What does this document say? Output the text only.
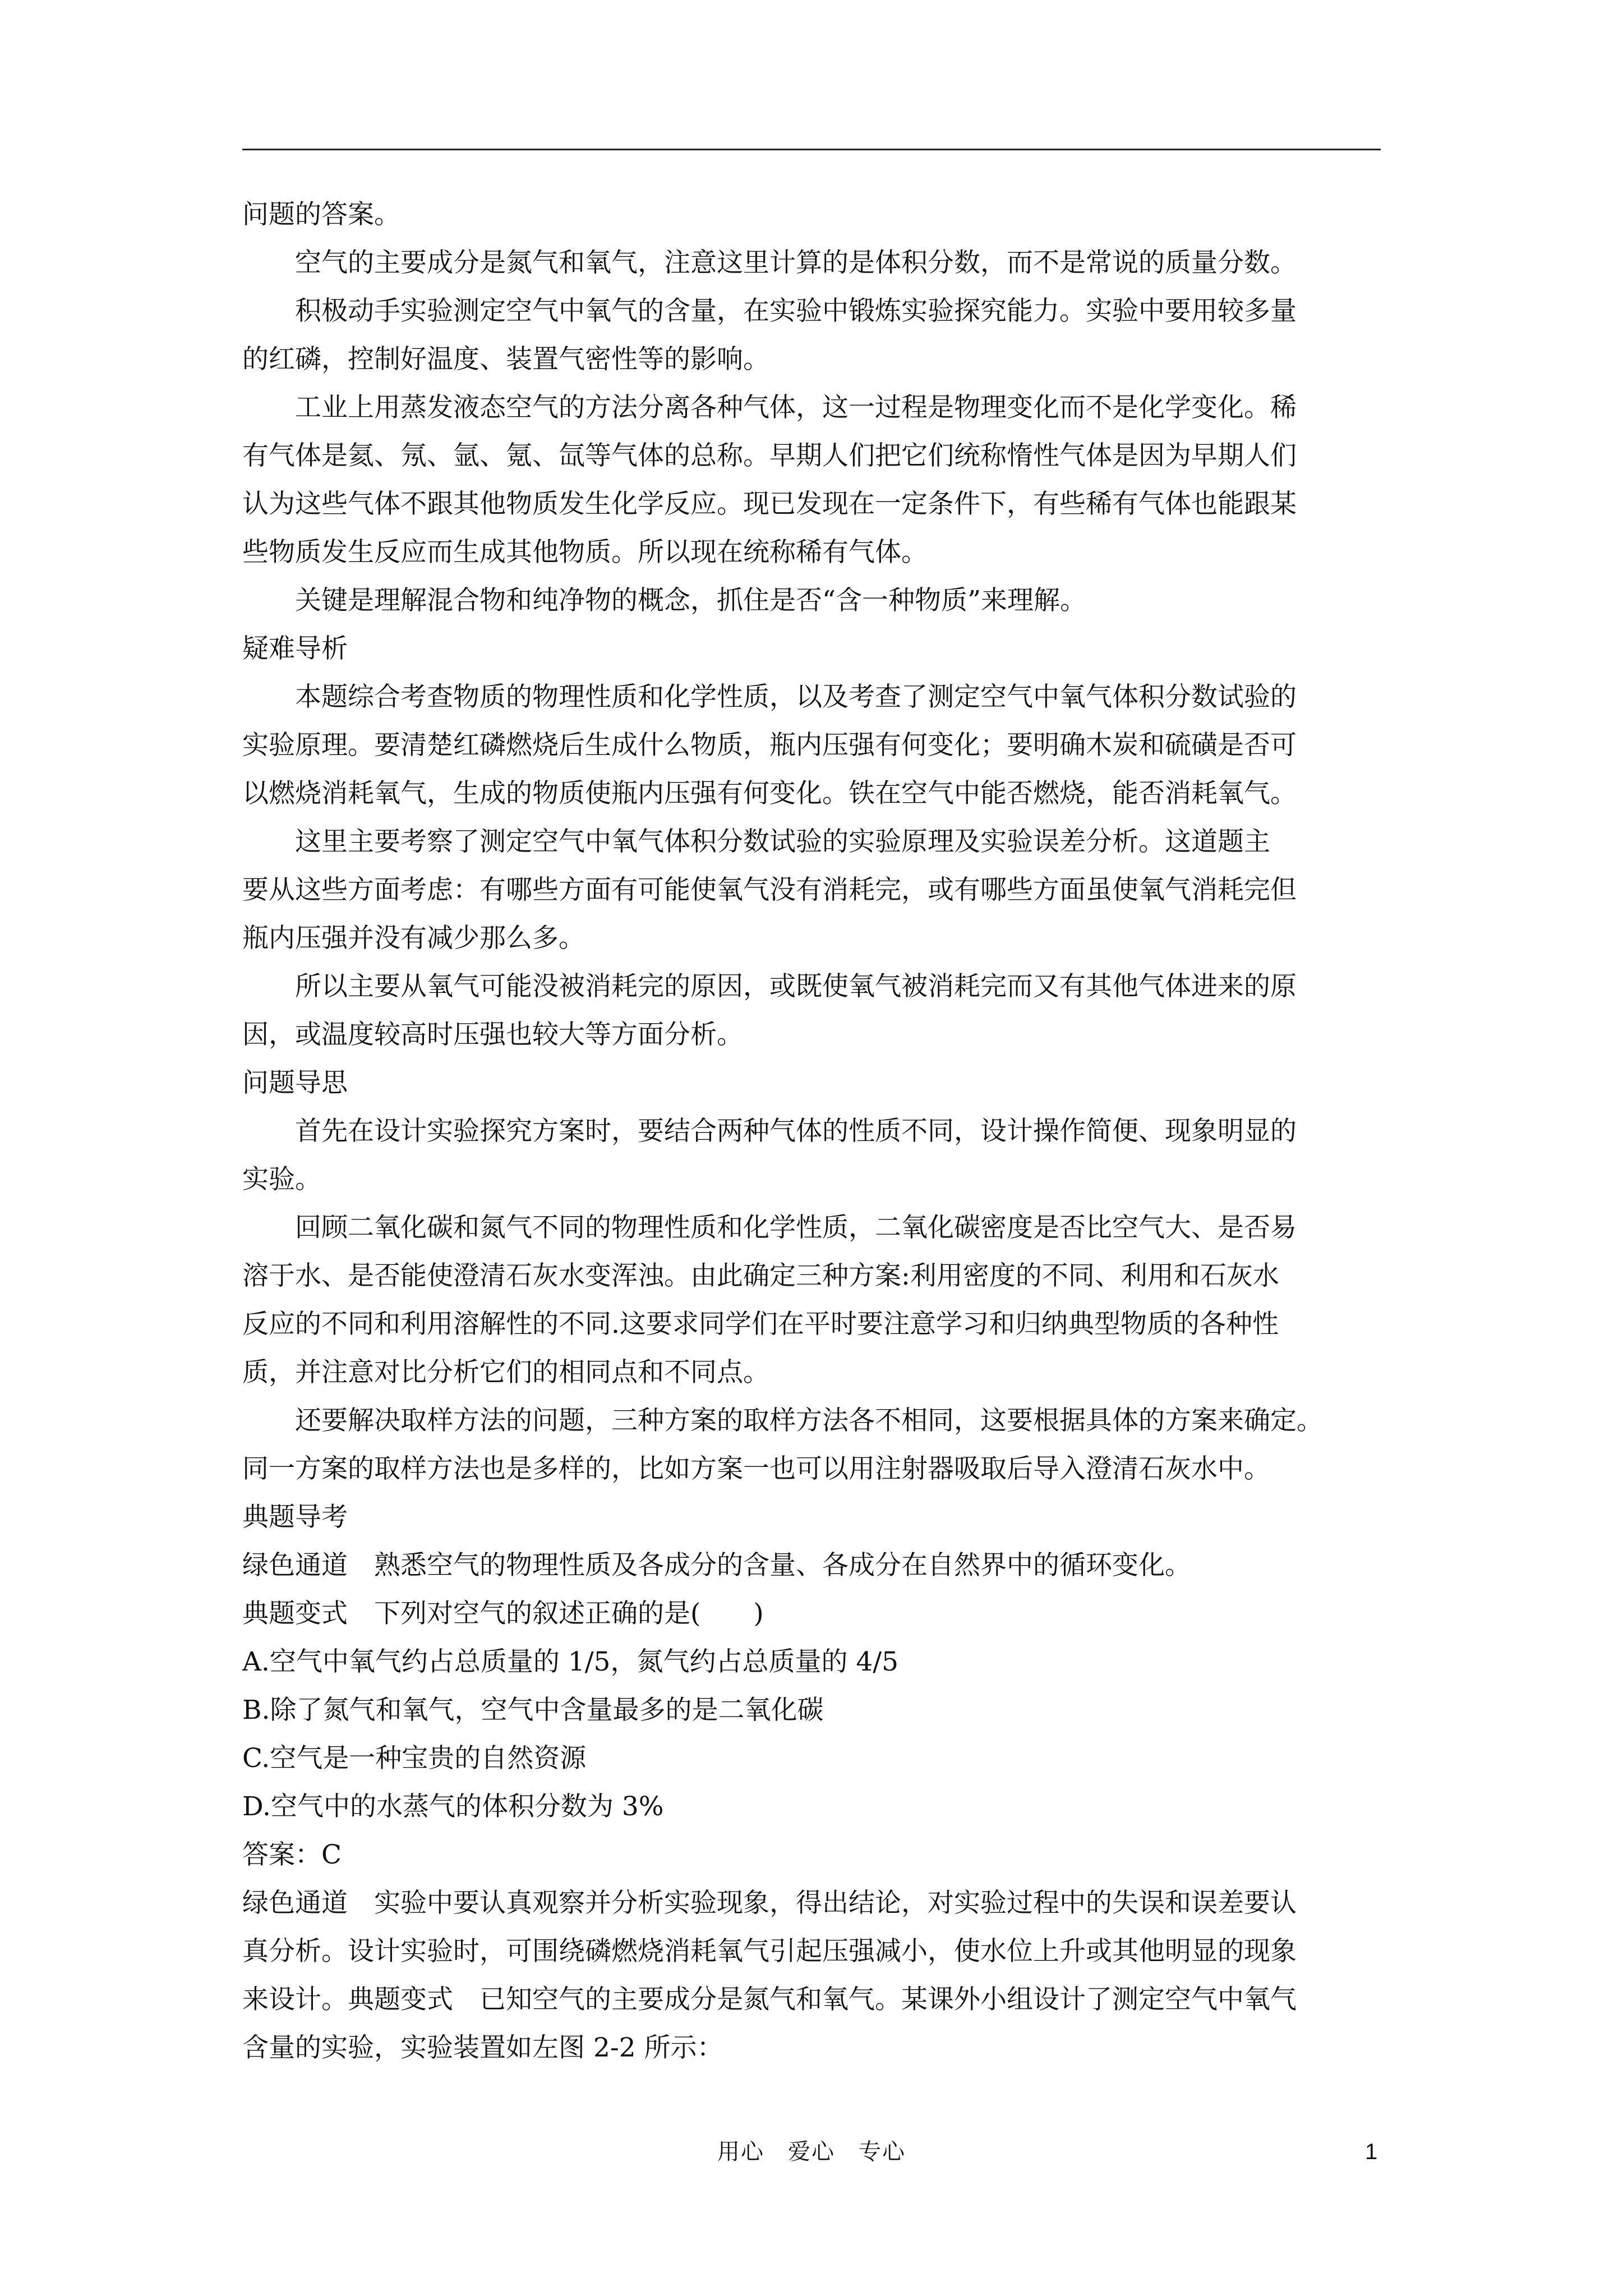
问题的答案。

空气的主要成分是氮气和氧气，注意这里计算的是体积分数，而不是常说的质量分数。

积极动手实验测定空气中氧气的含量，在实验中锻炼实验探究能力。实验中要用较多量

的红磷，控制好温度、装置气密性等的影响。

工业上用蒸发液态空气的方法分离各种气体，这一过程是物理变化而不是化学变化。稀

有气体是氦、氖、氩、氪、氙等气体的总称。早期人们把它们统称惰性气体是因为早期人们

认为这些气体不跟其他物质发生化学反应。现已发现在一定条件下，有些稀有气体也能跟某

些物质发生反应而生成其他物质。所以现在统称稀有气体。

关键是理解混合物和纯净物的概念，抓住是否“含一种物质”来理解。

疑难导析

本题综合考查物质的物理性质和化学性质，以及考查了测定空气中氧气体积分数试验的

实验原理。要清楚红磷燃烧后生成什么物质，瓶内压强有何变化；要明确木炭和硫磺是否可

以燃烧消耗氧气，生成的物质使瓶内压强有何变化。铁在空气中能否燃烧，能否消耗氧气。

这里主要考察了测定空气中氧气体积分数试验的实验原理及实验误差分析。这道题主

要从这些方面考虑：有哪些方面有可能使氧气没有消耗完，或有哪些方面虽使氧气消耗完但

瓶内压强并没有减少那么多。

所以主要从氧气可能没被消耗完的原因，或既使氧气被消耗完而又有其他气体进来的原

因，或温度较高时压强也较大等方面分析。

问题导思

首先在设计实验探究方案时，要结合两种气体的性质不同，设计操作简便、现象明显的

实验。

回顾二氧化碳和氮气不同的物理性质和化学性质，二氧化碳密度是否比空气大、是否易

溶于水、是否能使澄清石灰水变浑浊。由此确定三种方案:利用密度的不同、利用和石灰水

反应的不同和利用溶解性的不同.这要求同学们在平时要注意学习和归纳典型物质的各种性

质，并注意对比分析它们的相同点和不同点。

还要解决取样方法的问题，三种方案的取样方法各不相同，这要根据具体的方案来确定。

同一方案的取样方法也是多样的，比如方案一也可以用注射器吸取后导入澄清石灰水中。

典题导考

绿色通道　熟悉空气的物理性质及各成分的含量、各成分在自然界中的循环变化。

典题变式　下列对空气的叙述正确的是(　　)

A.空气中氧气约占总质量的 1/5，氮气约占总质量的 4/5

B.除了氮气和氧气，空气中含量最多的是二氧化碳

C.空气是一种宝贵的自然资源

D.空气中的水蒸气的体积分数为 3%

答案：C

绿色通道　实验中要认真观察并分析实验现象，得出结论，对实验过程中的失误和误差要认

真分析。设计实验时，可围绕磷燃烧消耗氧气引起压强减小，使水位上升或其他明显的现象

来设计。典题变式　已知空气的主要成分是氮气和氧气。某课外小组设计了测定空气中氧气

含量的实验，实验装置如左图 2-2 所示：

用心　爱心　专心	1
